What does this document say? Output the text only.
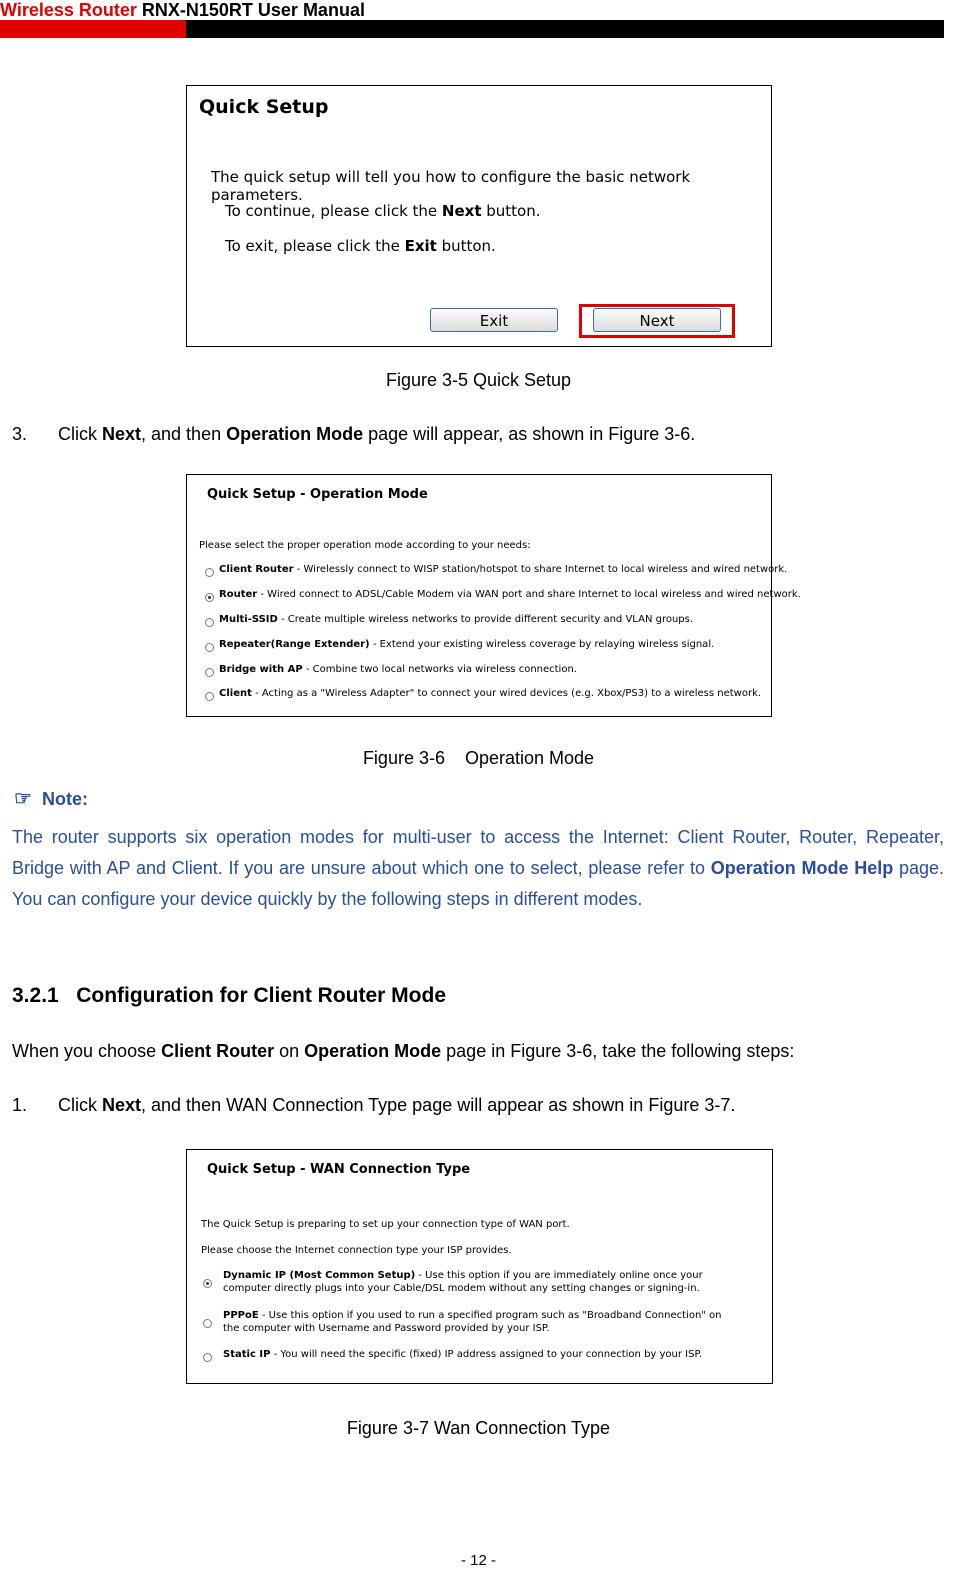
Wireless Router RNX-N150RT User Manual
Quick Setup
The quick setup will tell you how to configure the basic network parameters.
To continue, please click the Next button.
To exit, please click the Exit button.
Exit	Next
Figure 3-5 Quick Setup
3. Click Next, and then Operation Mode page will appear, as shown in Figure 3-6.
Quick Setup - Operation Mode
Please select the proper operation mode according to your needs:
Client Router - Wirelessly connect to WISP station/hotspot to share Internet to local wireless and wired network.
Router - Wired connect to ADSL/Cable Modem via WAN port and share Internet to local wireless and wired network.
Multi-SSID - Create multiple wireless networks to provide different security and VLAN groups.
Repeater(Range Extender) - Extend your existing wireless coverage by relaying wireless signal.
Bridge with AP - Combine two local networks via wireless connection.
Client - Acting as a "Wireless Adapter" to connect your wired devices (e.g. Xbox/PS3) to a wireless network.
Figure 3-6    Operation Mode
☞ Note:
The router supports six operation modes for multi-user to access the Internet: Client Router, Router, Repeater, Bridge with AP and Client. If you are unsure about which one to select, please refer to Operation Mode Help page. You can configure your device quickly by the following steps in different modes.
3.2.1   Configuration for Client Router Mode
When you choose Client Router on Operation Mode page in Figure 3-6, take the following steps:
1. Click Next, and then WAN Connection Type page will appear as shown in Figure 3-7.
Quick Setup - WAN Connection Type
The Quick Setup is preparing to set up your connection type of WAN port.
Please choose the Internet connection type your ISP provides.
Dynamic IP (Most Common Setup) - Use this option if you are immediately online once your
computer directly plugs into your Cable/DSL modem without any setting changes or signing-in.
PPPoE - Use this option if you used to run a specified program such as "Broadband Connection" on
the computer with Username and Password provided by your ISP.
Static IP - You will need the specific (fixed) IP address assigned to your connection by your ISP.
Figure 3-7 Wan Connection Type
- 12 -
